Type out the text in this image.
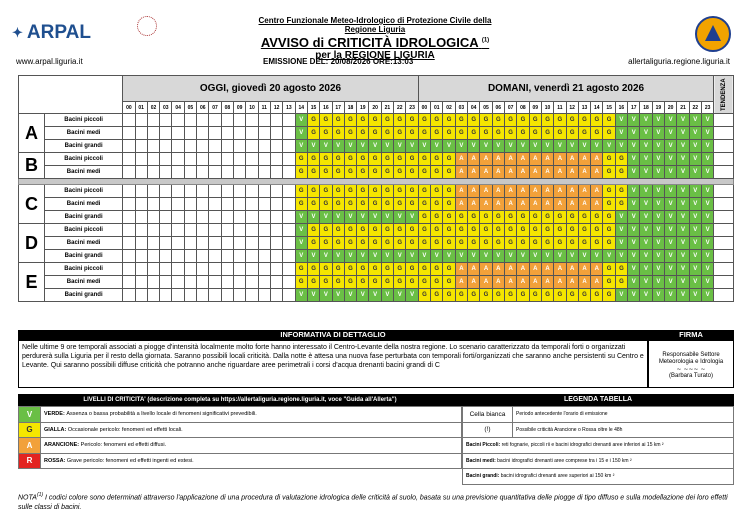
✦ ARPAL
Centro Funzionale Meteo-Idrologico di Protezione Civile della Regione Liguria
AVVISO di CRITICITÀ IDROLOGICA $^{(1)}$
per la REGIONE LIGURIA
EMISSIONE DEL: 20/08/2026 ORE:13:03
www.arpal.liguria.it	allertaliguria.regione.liguria.it
		OGGI, giovedì 20 agosto 2026																								DOMANI, venerdì 21 agosto 2026																								TENDENZA
		00	01	02	03	04	05	06	07	08	09	10	11	12	13	14	15	16	17	18	19	20	21	22	23	00	01	02	03	04	05	06	07	08	09	10	11	12	13	14	15	16	17	18	19	20	21	22	23	
A	Bacini piccoli															V	G	G	G	G	G	G	G	G	G	G	G	G	G	G	G	G	G	G	G	G	G	G	G	G	G	V	V	V	V	V	V	V	V	
	Bacini medi															V	G	G	G	G	G	G	G	G	G	G	G	G	G	G	G	G	G	G	G	G	G	G	G	G	G	V	V	V	V	V	V	V	V	
	Bacini grandi															V	V	V	V	V	V	V	V	V	V	V	V	V	V	V	V	V	V	V	V	V	V	V	V	V	V	V	V	V	V	V	V	V	V	
B	Bacini piccoli															G	G	G	G	G	G	G	G	G	G	G	G	G	A	A	A	A	A	A	A	A	A	A	A	A	G	G	V	V	V	V	V	V	V	
	Bacini medi															G	G	G	G	G	G	G	G	G	G	G	G	G	A	A	A	A	A	A	A	A	A	A	A	A	G	G	V	V	V	V	V	V	V	

C	Bacini piccoli															G	G	G	G	G	G	G	G	G	G	G	G	G	A	A	A	A	A	A	A	A	A	A	A	A	G	G	V	V	V	V	V	V	V	
	Bacini medi															G	G	G	G	G	G	G	G	G	G	G	G	G	A	A	A	A	A	A	A	A	A	A	A	A	G	G	V	V	V	V	V	V	V	
	Bacini grandi															V	V	V	V	V	V	V	V	V	V	G	G	G	G	G	G	G	G	G	G	G	G	G	G	G	G	V	V	V	V	V	V	V	V	
D	Bacini piccoli															V	G	G	G	G	G	G	G	G	G	G	G	G	G	G	G	G	G	G	G	G	G	G	G	G	G	V	V	V	V	V	V	V	V	
	Bacini medi															V	G	G	G	G	G	G	G	G	G	G	G	G	G	G	G	G	G	G	G	G	G	G	G	G	G	V	V	V	V	V	V	V	V	
	Bacini grandi															V	V	V	V	V	V	V	V	V	V	V	V	V	V	V	V	V	V	V	V	V	V	V	V	V	V	V	V	V	V	V	V	V	V	
E	Bacini piccoli															G	G	G	G	G	G	G	G	G	G	G	G	G	A	A	A	A	A	A	A	A	A	A	A	A	G	G	V	V	V	V	V	V	V	
	Bacini medi															G	G	G	G	G	G	G	G	G	G	G	G	G	A	A	A	A	A	A	A	A	A	A	A	A	G	G	V	V	V	V	V	V	V	
	Bacini grandi															V	V	V	V	V	V	V	V	V	V	G	G	G	G	G	G	G	G	G	G	G	G	G	G	G	G	V	V	V	V	V	V	V	V	
INFORMATIVA DI DETTAGLIO	FIRMA
Nelle ultime 9 ore temporali associati a piogge d'intensità localmente molto forte hanno interessato il Centro-Levante della nostra regione. Lo scenario caratterizzato da temporali forti o organizzati perdurerà sulla Liguria per il resto della giornata. Saranno possibili locali criticità. Dalla notte è attesa una nuova fase perturbata con temporali forti/organizzati che saranno anche persistenti su Centro e Levante. Qui saranno possibili diffuse criticità che potranno anche riguardare aree perimetrali i corsi d'acqua drenanti bacini grandi di C
Responsabile Settore Meteorologia e Idrologia
~ ~~~ ~
(Barbara Turato)
LIVELLI DI CRITICITA' (descrizione completa su https://allertaliguria.regione.liguria.it, voce "Guida all'Allerta")	LEGENDA TABELLA
V	VERDE: Assenza o bassa probabilità a livello locale di fenomeni significativi prevedibili.
G	GIALLA: Occasionale pericolo: fenomeni ed effetti locali.
A	ARANCIONE: Pericolo: fenomeni ed effetti diffusi.
R	ROSSA: Grave pericolo: fenomeni ed effetti ingenti ed estesi.
Cella bianca	Periodo antecedente l'orario di emissione
(!)	Possibile criticità Arancione o Rossa oltre le 48h
Bacini Piccoli: reti fognarie, piccoli rii e bacini idrografici drenanti aree inferiori ai 15 km ²	
Bacini medi: bacini idrografici drenanti aree comprese tra i 15 e i 150 km ²	
Bacini grandi: bacini idrografici drenanti aree superiori ai 150 km ²	
NOTA$^{(1)}$ I codici colore sono determinati attraverso l'applicazione di una procedura di valutazione idrologica delle criticità al suolo, basata su una previsione quantitativa delle piogge di tipo diffuso e sulla modellazione dei loro effetti sulle classi di bacini.
